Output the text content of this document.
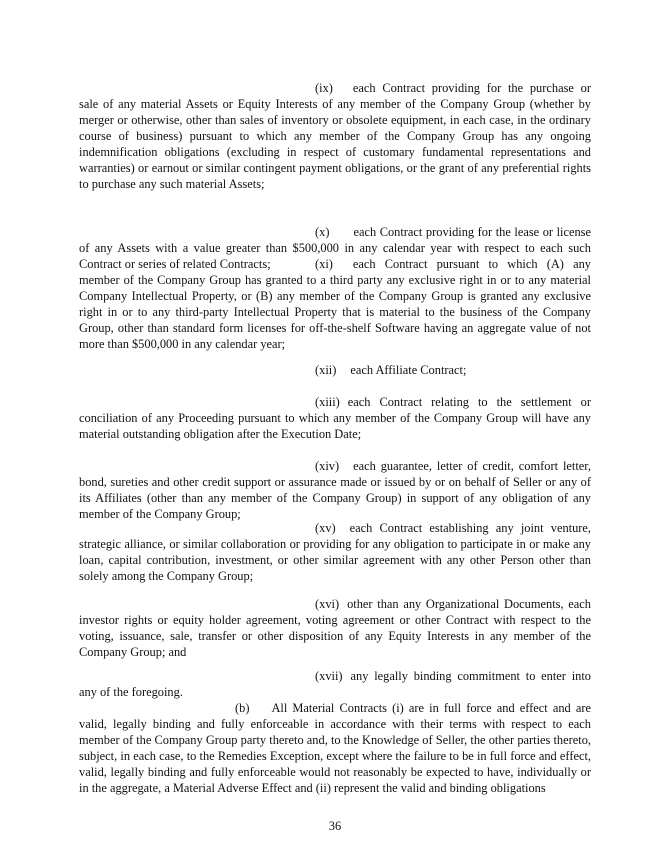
(ix) each Contract providing for the purchase or sale of any material Assets or Equity Interests of any member of the Company Group (whether by merger or otherwise, other than sales of inventory or obsolete equipment, in each case, in the ordinary course of business) pursuant to which any member of the Company Group has any ongoing indemnification obligations (excluding in respect of customary fundamental representations and warranties) or earnout or similar contingent payment obligations, or the grant of any preferential rights to purchase any such material Assets;

(x) each Contract providing for the lease or license of any Assets with a value greater than $500,000 in any calendar year with respect to each such Contract or series of related Contracts;	(xi) each Contract pursuant to which (A) any member of the Company Group has granted to a third party any exclusive right in or to any material Company Intellectual Property, or (B) any member of the Company Group is granted any exclusive right in or to any third-party Intellectual Property that is material to the business of the Company Group, other than standard form licenses for off-the-shelf Software having an aggregate value of not more than $500,000 in any calendar year;

(xii) each Affiliate Contract;

(xiii) each Contract relating to the settlement or conciliation of any Proceeding pursuant to which any member of the Company Group will have any material outstanding obligation after the Execution Date;

(xiv) each guarantee, letter of credit, comfort letter, bond, sureties and other credit support or assurance made or issued by or on behalf of Seller or any of its Affiliates (other than any member of the Company Group) in support of any obligation of any member of the Company Group;

(xv) each Contract establishing any joint venture, strategic alliance, or similar collaboration or providing for any obligation to participate in or make any loan, capital contribution, investment, or other similar agreement with any other Person other than solely among the Company Group;

(xvi) other than any Organizational Documents, each investor rights or equity holder agreement, voting agreement or other Contract with respect to the voting, issuance, sale, transfer or other disposition of any Equity Interests in any member of the Company Group; and

(xvii) any legally binding commitment to enter into any of the foregoing.

(b) All Material Contracts (i) are in full force and effect and are valid, legally binding and fully enforceable in accordance with their terms with respect to each member of the Company Group party thereto and, to the Knowledge of Seller, the other parties thereto, subject, in each case, to the Remedies Exception, except where the failure to be in full force and effect, valid, legally binding and fully enforceable would not reasonably be expected to have, individually or in the aggregate, a Material Adverse Effect and (ii) represent the valid and binding obligations

36
